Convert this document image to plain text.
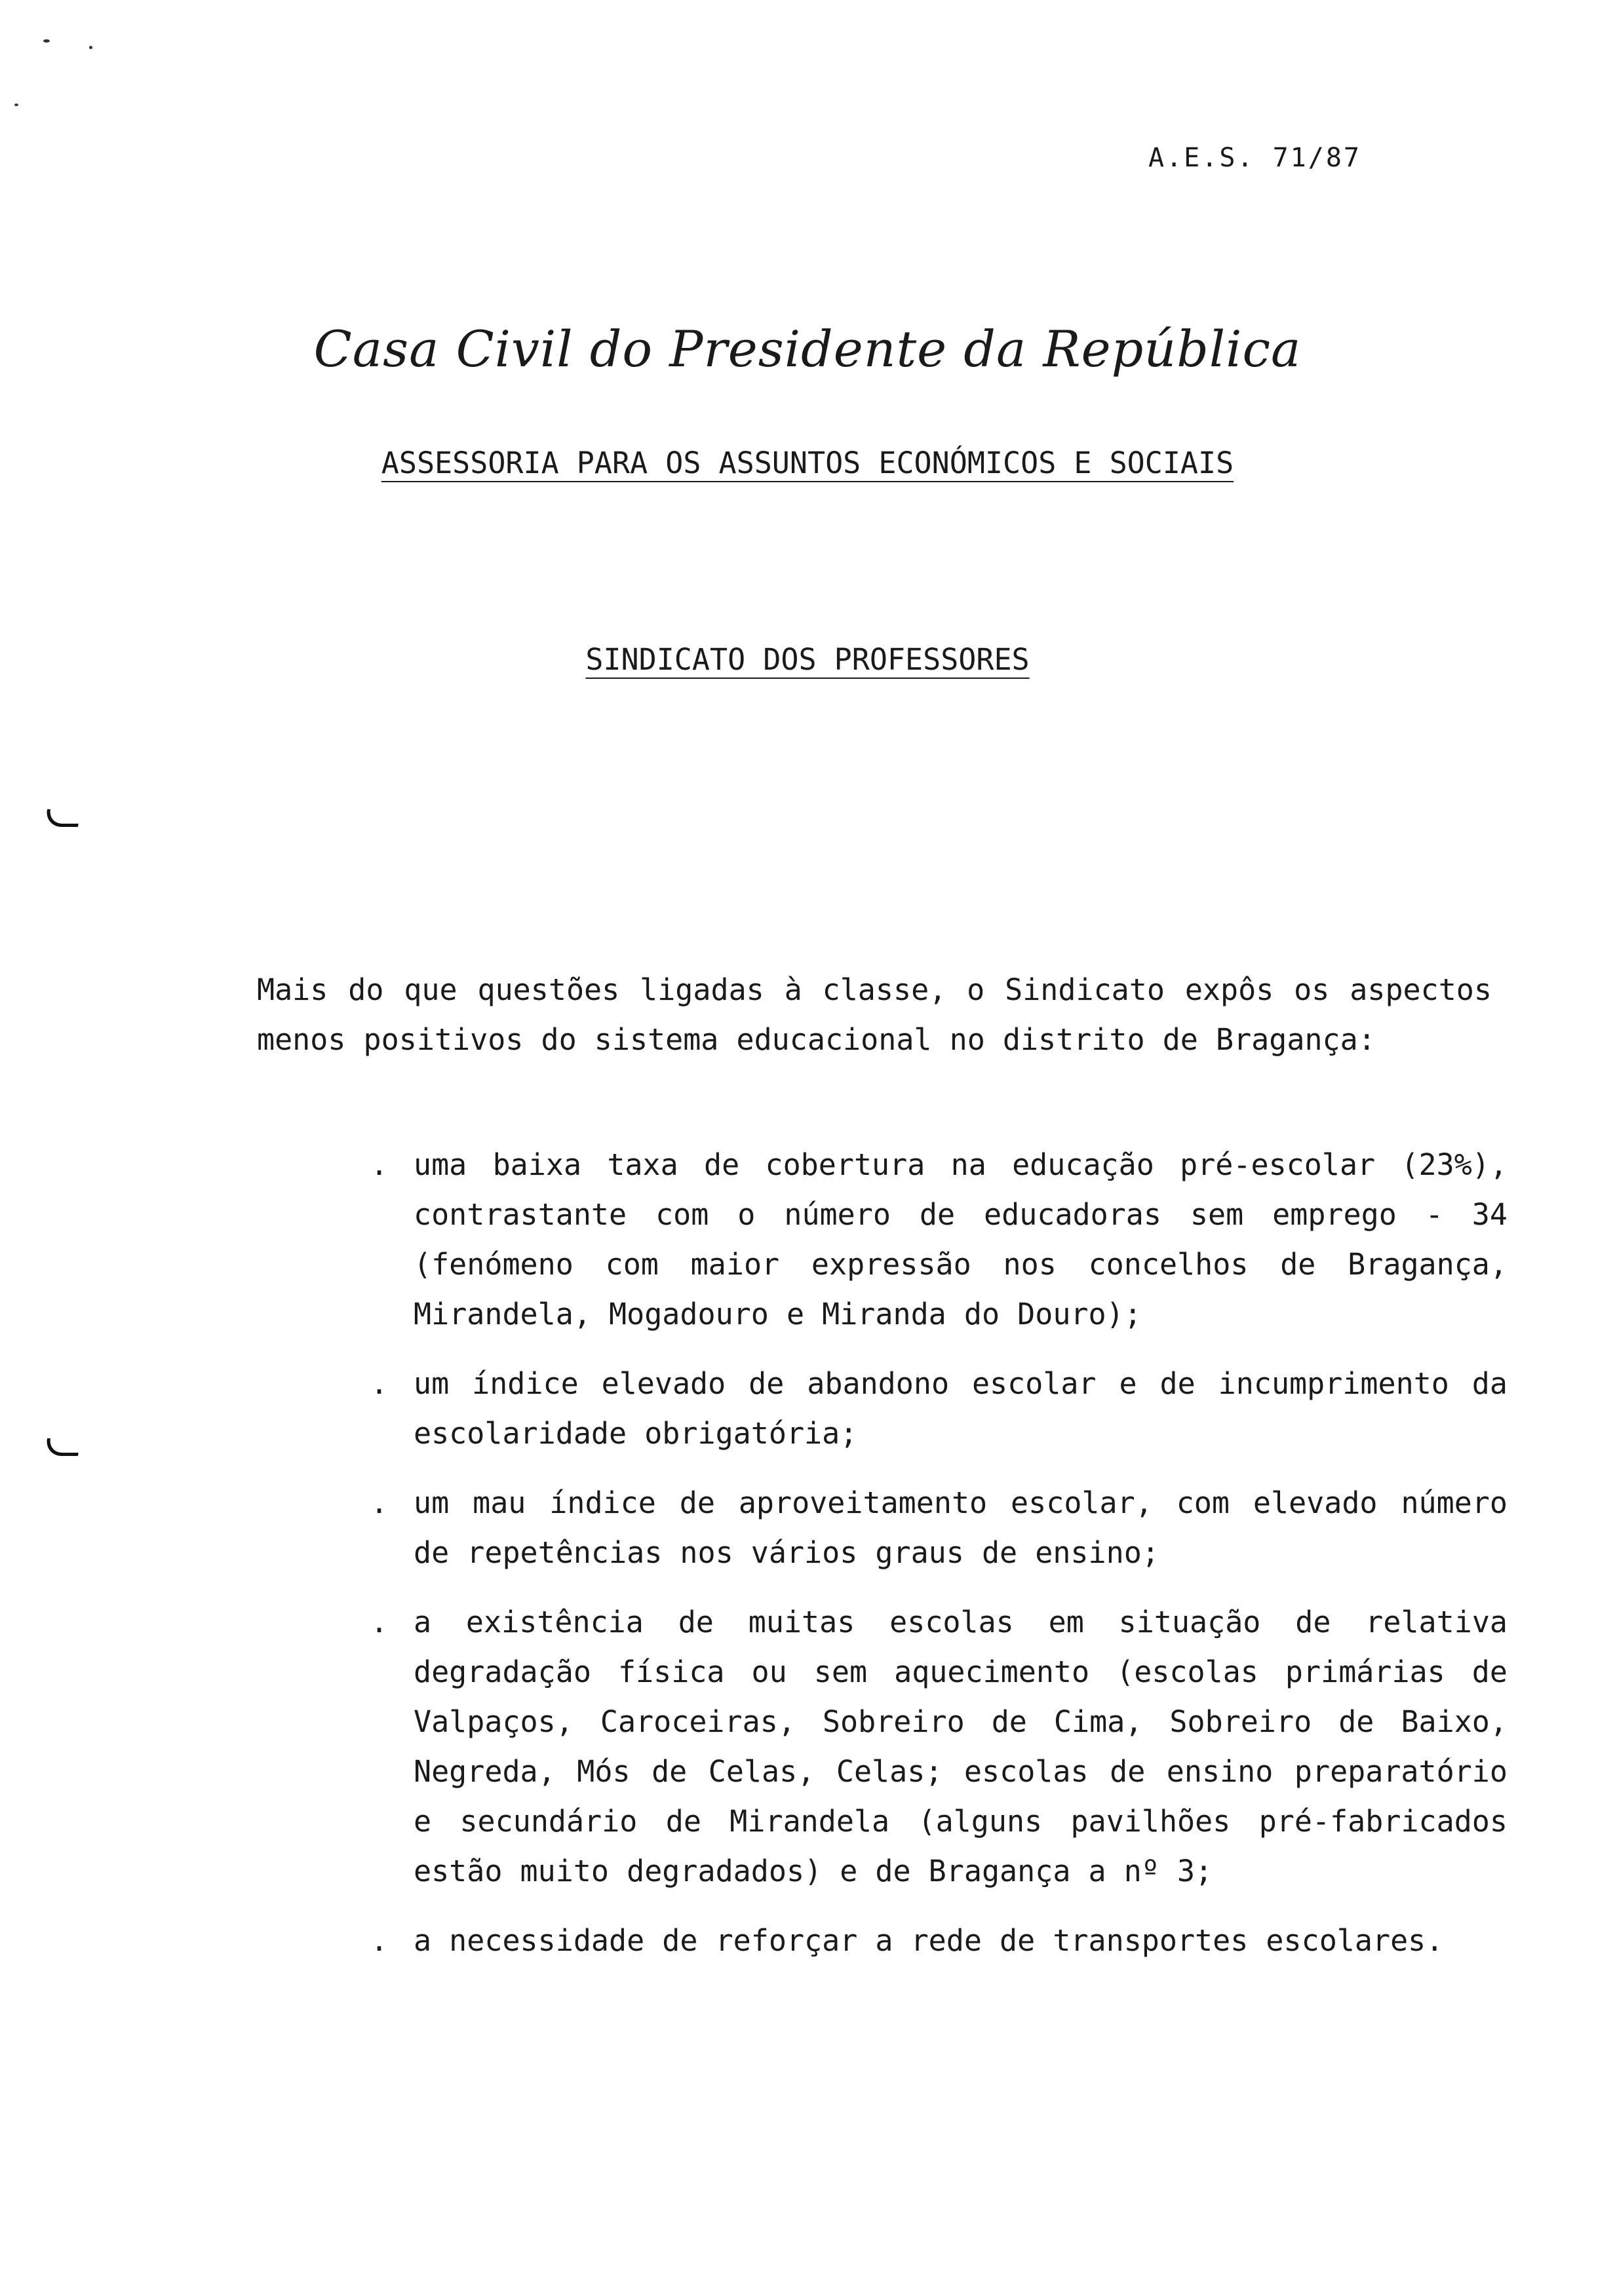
A.E.S. 71/87
Casa Civil do Presidente da República
ASSESSORIA PARA OS ASSUNTOS ECONÓMICOS E SOCIAIS
SINDICATO DOS PROFESSORES

Mais do que questões ligadas à classe, o Sindicato expôs os aspectos menos positivos do sistema educacional no distrito de Bragança:

. uma baixa taxa de cobertura na educação pré-escolar (23%), contrastante com o número de educadoras sem emprego - 34 (fenómeno com maior expressão nos concelhos de Bragança, Mirandela, Mogadouro e Miranda do Douro);
. um índice elevado de abandono escolar e de incumprimento da escolaridade obrigatória;
. um mau índice de aproveitamento escolar, com elevado número de repetências nos vários graus de ensino;
. a existência de muitas escolas em situação de relativa degradação física ou sem aquecimento (escolas primárias de Valpaços, Caroceiras, Sobreiro de Cima, Sobreiro de Baixo, Negreda, Mós de Celas, Celas; escolas de ensino preparatório e secundário de Mirandela (alguns pavilhões pré-fabricados estão muito degradados) e de Bragança a nº 3;
. a necessidade de reforçar a rede de transportes escolares.
